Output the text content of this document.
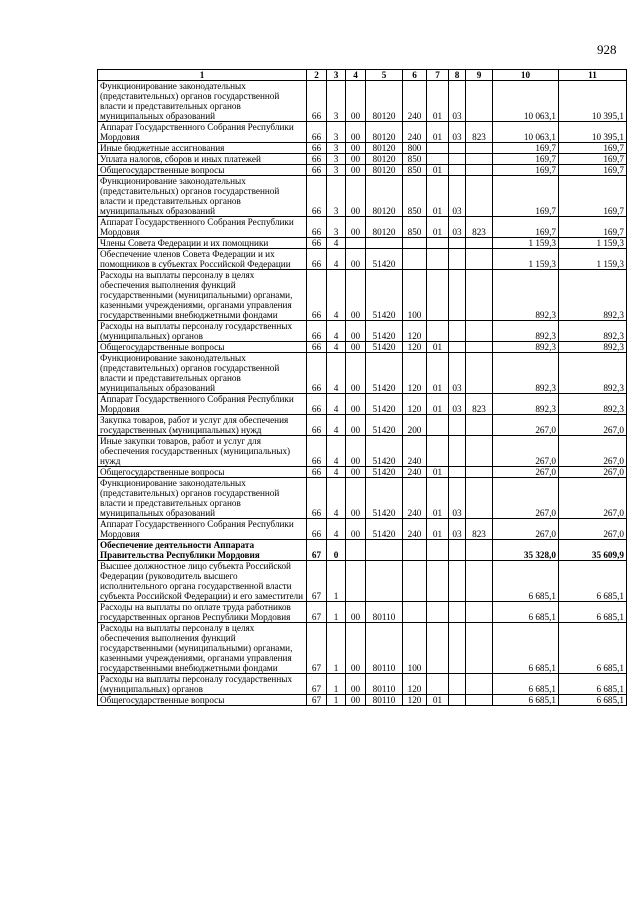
928
1	2	3	4	5	6	7	8	9	10	11
Функционирование законодательных (представительных) органов государственной власти и представительных органов муниципальных образований	66	3	00	80120	240	01	03		10 063,1	10 395,1
Аппарат Государственного Собрания Республики Мордовия	66	3	00	80120	240	01	03	823	10 063,1	10 395,1
Иные бюджетные ассигнования	66	3	00	80120	800				169,7	169,7
Уплата налогов, сборов и иных платежей	66	3	00	80120	850				169,7	169,7
Общегосударственные вопросы	66	3	00	80120	850	01			169,7	169,7
Функционирование законодательных (представительных) органов государственной власти и представительных органов муниципальных образований	66	3	00	80120	850	01	03		169,7	169,7
Аппарат Государственного Собрания Республики Мордовия	66	3	00	80120	850	01	03	823	169,7	169,7
Члены Совета Федерации и их помощники	66	4							1 159,3	1 159,3
Обеспечение членов Совета Федерации и их помощников в субъектах Российской Федерации	66	4	00	51420					1 159,3	1 159,3
Расходы на выплаты персоналу в целях обеспечения выполнения функций государственными (муниципальными) органами, казенными учреждениями, органами управления государственными внебюджетными фондами	66	4	00	51420	100				892,3	892,3
Расходы на выплаты персоналу государственных (муниципальных) органов	66	4	00	51420	120				892,3	892,3
Общегосударственные вопросы	66	4	00	51420	120	01			892,3	892,3
Функционирование законодательных (представительных) органов государственной власти и представительных органов муниципальных образований	66	4	00	51420	120	01	03		892,3	892,3
Аппарат Государственного Собрания Республики Мордовия	66	4	00	51420	120	01	03	823	892,3	892,3
Закупка товаров, работ и услуг для обеспечения государственных (муниципальных) нужд	66	4	00	51420	200				267,0	267,0
Иные закупки товаров, работ и услуг для обеспечения государственных (муниципальных) нужд	66	4	00	51420	240				267,0	267,0
Общегосударственные вопросы	66	4	00	51420	240	01			267,0	267,0
Функционирование законодательных (представительных) органов государственной власти и представительных органов муниципальных образований	66	4	00	51420	240	01	03		267,0	267,0
Аппарат Государственного Собрания Республики Мордовия	66	4	00	51420	240	01	03	823	267,0	267,0
Обеспечение деятельности Аппарата Правительства Республики Мордовия	67	0							35 328,0	35 609,9
Высшее должностное лицо субъекта Российской Федерации (руководитель высшего исполнительного органа государственной власти субъекта Российской Федерации) и его заместители	67	1							6 685,1	6 685,1
Расходы на выплаты по оплате труда работников государственных органов Республики Мордовия	67	1	00	80110					6 685,1	6 685,1
Расходы на выплаты персоналу в целях обеспечения выполнения функций государственными (муниципальными) органами, казенными учреждениями, органами управления государственными внебюджетными фондами	67	1	00	80110	100				6 685,1	6 685,1
Расходы на выплаты персоналу государственных (муниципальных) органов	67	1	00	80110	120				6 685,1	6 685,1
Общегосударственные вопросы	67	1	00	80110	120	01			6 685,1	6 685,1
